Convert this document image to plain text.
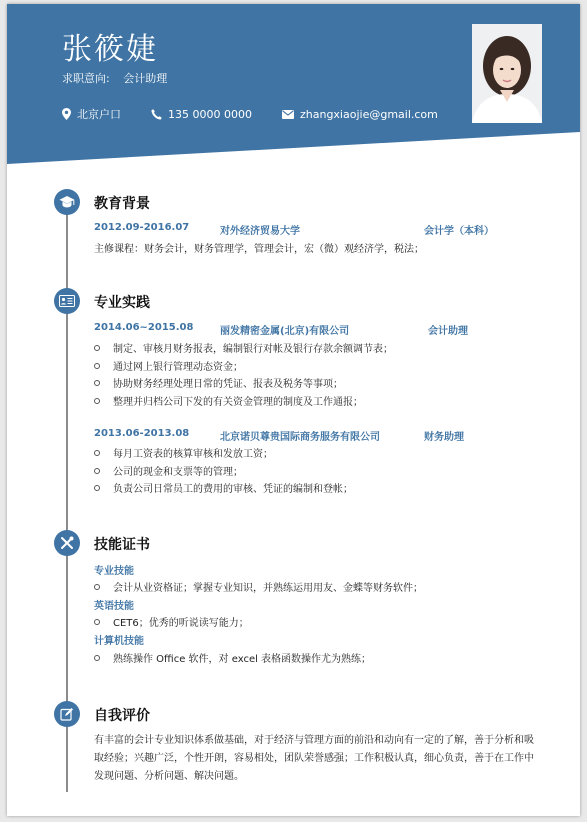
张筱婕
求职意向: 会计助理
北京户口	135 0000 0000	zhangxiaojie@gmail.com
教育背景
2012.09-2016.07	对外经济贸易大学	会计学（本科）
主修课程：财务会计，财务管理学，管理会计，宏（微）观经济学，税法；
专业实践
2014.06~2015.08	丽发精密金属(北京)有限公司	会计助理
制定、审核月财务报表，编制银行对帐及银行存款余额调节表；
通过网上银行管理动态资金；
协助财务经理处理日常的凭证、报表及税务等事项；
整理并归档公司下发的有关资金管理的制度及工作通报；
2013.06-2013.08	北京诺贝尊贵国际商务服务有限公司	财务助理
每月工资表的核算审核和发放工资；
公司的现金和支票等的管理；
负责公司日常员工的费用的审核、凭证的编制和登帐；
技能证书
专业技能
会计从业资格证；掌握专业知识，并熟练运用用友、金蝶等财务软件；
英语技能
CET6；优秀的听说读写能力；
计算机技能
熟练操作 Office 软件，对 excel 表格函数操作尤为熟练；
自我评价
有丰富的会计专业知识体系做基础，对于经济与管理方面的前沿和动向有一定的了解，善于分析和吸取经验；兴趣广泛，个性开朗，容易相处，团队荣誉感强；工作积极认真，细心负责，善于在工作中发现问题、分析问题、解决问题。
